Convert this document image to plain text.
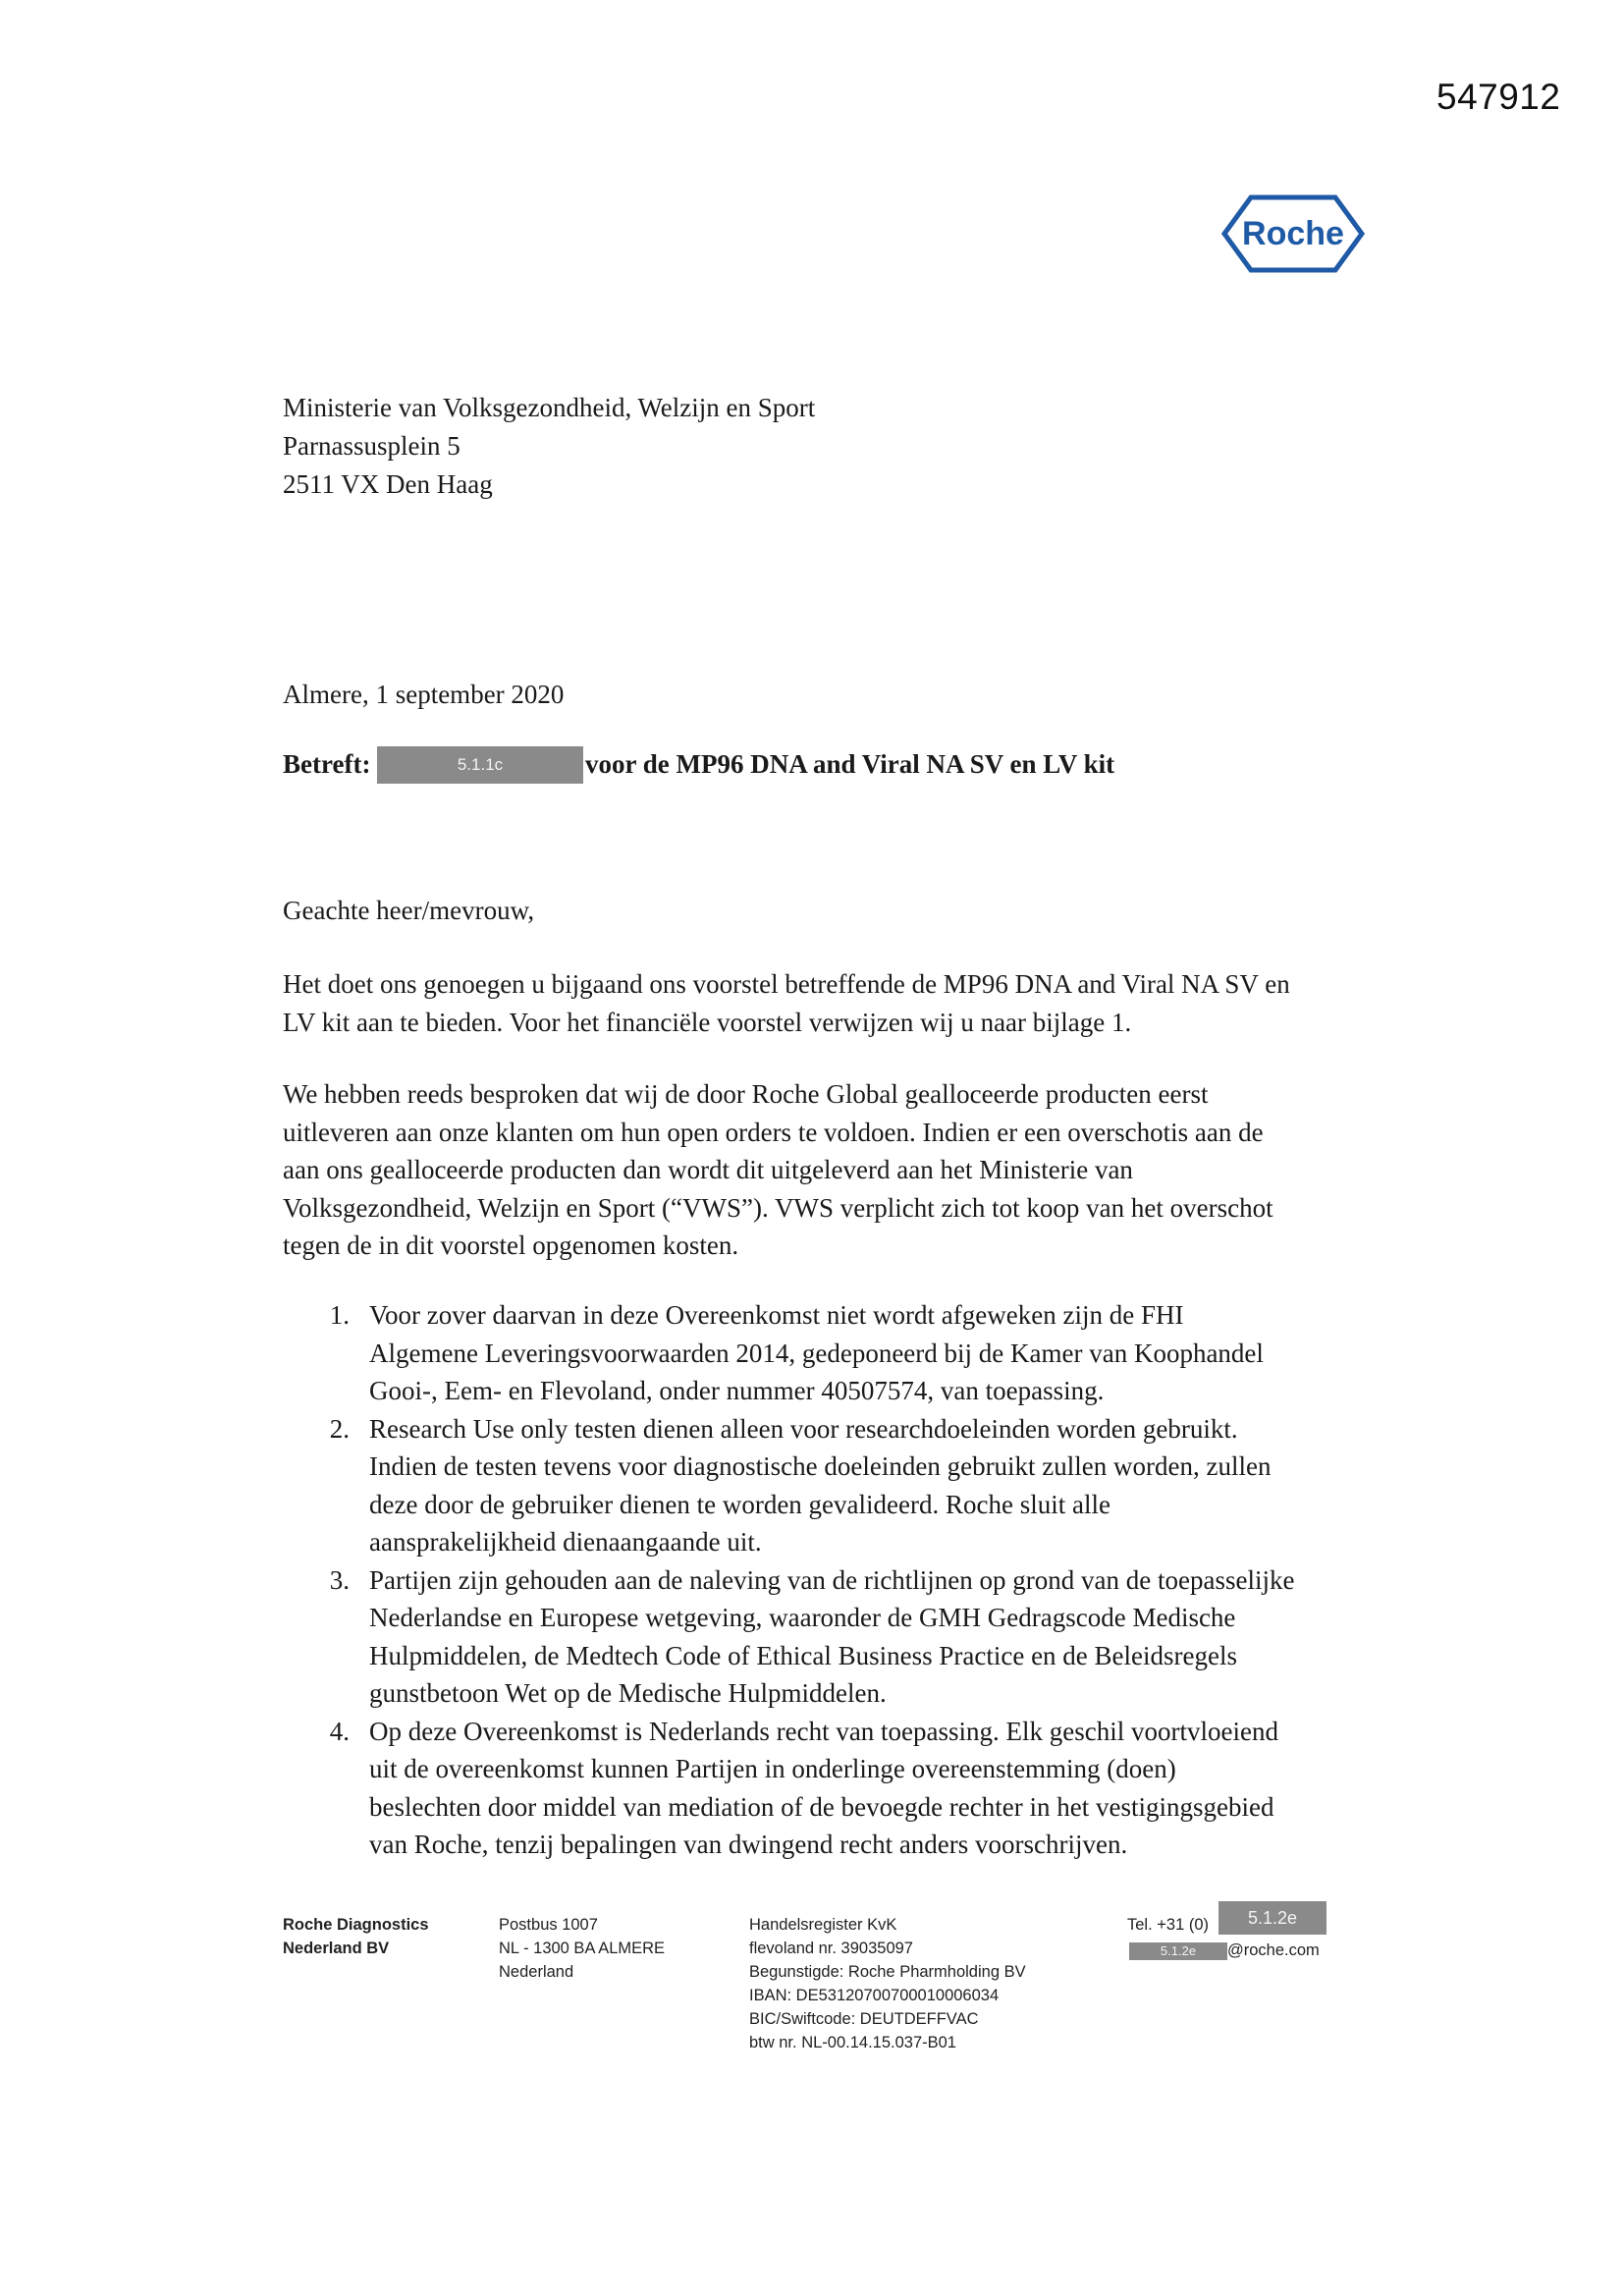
547912
Roche
Ministerie van Volksgezondheid, Welzijn en Sport
Parnassusplein 5
2511 VX Den Haag
Almere, 1 september 2020
Betreft:	5.1.1c	voor de MP96 DNA and Viral NA SV en LV kit
Geachte heer/mevrouw,
Het doet ons genoegen u bijgaand ons voorstel betreffende de MP96 DNA and Viral NA SV en
LV kit aan te bieden. Voor het financiële voorstel verwijzen wij u naar bijlage 1.
We hebben reeds besproken dat wij de door Roche Global gealloceerde producten eerst
uitleveren aan onze klanten om hun open orders te voldoen. Indien er een overschotis aan de
aan ons gealloceerde producten dan wordt dit uitgeleverd aan het Ministerie van
Volksgezondheid, Welzijn en Sport (“VWS”). VWS verplicht zich tot koop van het overschot
tegen de in dit voorstel opgenomen kosten.
1. Voor zover daarvan in deze Overeenkomst niet wordt afgeweken zijn de FHI
Algemene Leveringsvoorwaarden 2014, gedeponeerd bij de Kamer van Koophandel
Gooi-, Eem- en Flevoland, onder nummer 40507574, van toepassing.
2. Research Use only testen dienen alleen voor researchdoeleinden worden gebruikt.
Indien de testen tevens voor diagnostische doeleinden gebruikt zullen worden, zullen
deze door de gebruiker dienen te worden gevalideerd. Roche sluit alle
aansprakelijkheid dienaangaande uit.
3. Partijen zijn gehouden aan de naleving van de richtlijnen op grond van de toepasselijke
Nederlandse en Europese wetgeving, waaronder de GMH Gedragscode Medische
Hulpmiddelen, de Medtech Code of Ethical Business Practice en de Beleidsregels
gunstbetoon Wet op de Medische Hulpmiddelen.
4. Op deze Overeenkomst is Nederlands recht van toepassing. Elk geschil voortvloeiend
uit de overeenkomst kunnen Partijen in onderlinge overeenstemming (doen)
beslechten door middel van mediation of de bevoegde rechter in het vestigingsgebied
van Roche, tenzij bepalingen van dwingend recht anders voorschrijven.
Roche Diagnostics
Nederland BV
Postbus 1007
NL - 1300 BA ALMERE
Nederland
Handelsregister KvK
flevoland nr. 39035097
Begunstigde: Roche Pharmholding BV
IBAN: DE53120700700010006034
BIC/Swiftcode: DEUTDEFFVAC
btw nr. NL-00.14.15.037-B01
Tel. +31 (0)	5.1.2e
5.1.2e	@roche.com
